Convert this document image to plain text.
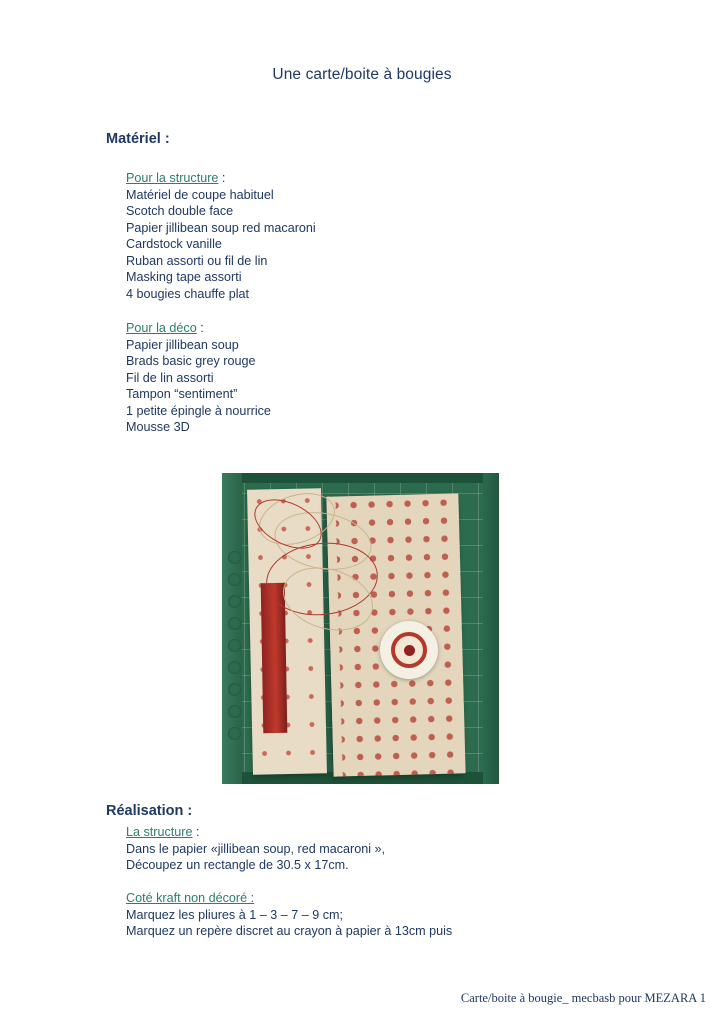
Une carte/boite à bougies
Matériel :
Pour la structure :
Matériel de coupe habituel
Scotch double face
Papier jillibean soup red macaroni
Cardstock vanille
Ruban assorti ou fil de lin
Masking tape assorti
4 bougies chauffe plat
Pour la déco :
Papier jillibean soup
Brads basic grey rouge
Fil de lin assorti
Tampon “sentiment”
1 petite épingle à nourrice
Mousse 3D
Réalisation :
La structure :
Dans le papier «jillibean soup, red macaroni »,
Découpez un rectangle de 30.5 x 17cm.
Coté kraft non décoré :
Marquez les pliures à 1 – 3 – 7 – 9 cm;
Marquez un repère discret au crayon à papier à 13cm puis
Carte/boite à bougie_ mecbasb pour MEZARA 1
